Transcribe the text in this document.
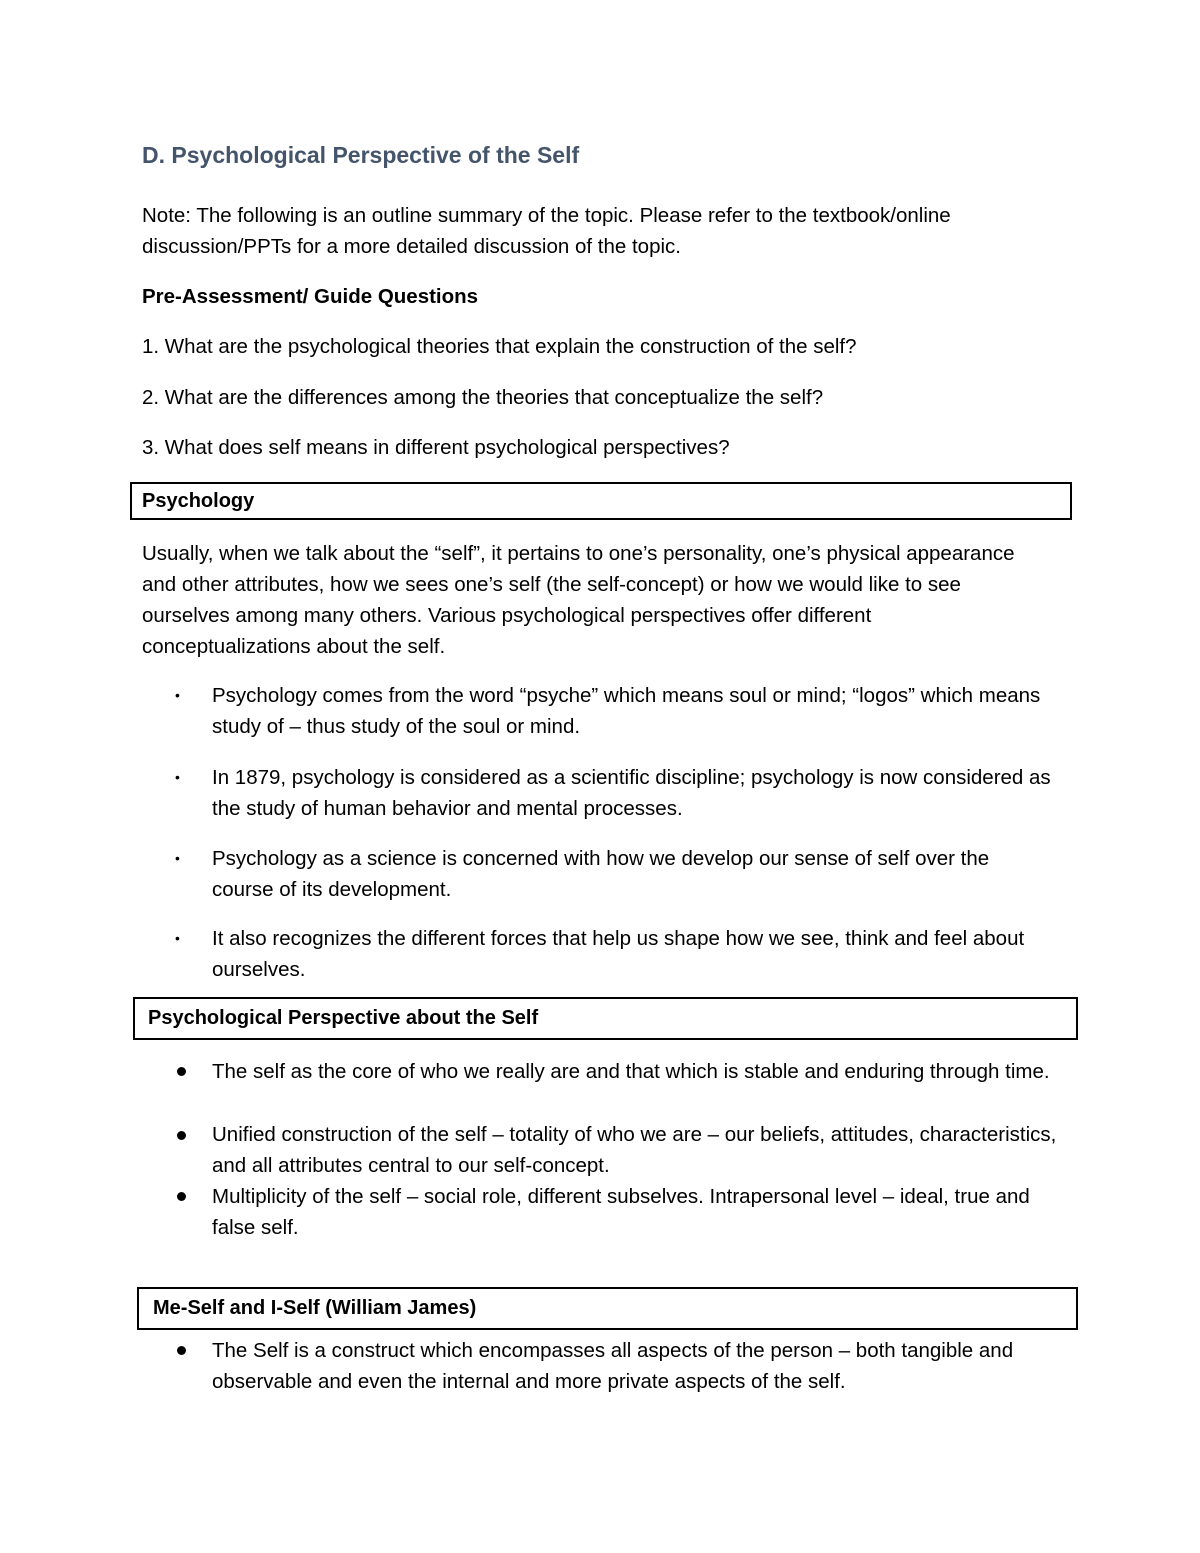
D. Psychological Perspective of the Self
Note: The following is an outline summary of the topic. Please refer to the textbook/online discussion/PPTs for a more detailed discussion of the topic.
Pre-Assessment/ Guide Questions
1. What are the psychological theories that explain the construction of the self?
2. What are the differences among the theories that conceptualize the self?
3. What does self means in different psychological perspectives?
Psychology
Usually, when we talk about the “self”, it pertains to one’s personality, one’s physical appearance and other attributes, how we sees one’s self (the self-concept) or how we would like to see ourselves among many others. Various psychological perspectives offer different conceptualizations about the self.
• Psychology comes from the word “psyche” which means soul or mind; “logos” which means study of – thus study of the soul or mind.
• In 1879, psychology is considered as a scientific discipline; psychology is now considered as the study of human behavior and mental processes.
• Psychology as a science is concerned with how we develop our sense of self over the course of its development.
• It also recognizes the different forces that help us shape how we see, think and feel about ourselves.
Psychological Perspective about the Self
The self as the core of who we really are and that which is stable and enduring through time.
Unified construction of the self – totality of who we are – our beliefs, attitudes, characteristics, and all attributes central to our self-concept.
Multiplicity of the self – social role, different subselves. Intrapersonal level – ideal, true and false self.
Me-Self and I-Self (William James)
The Self is a construct which encompasses all aspects of the person – both tangible and observable and even the internal and more private aspects of the self.
